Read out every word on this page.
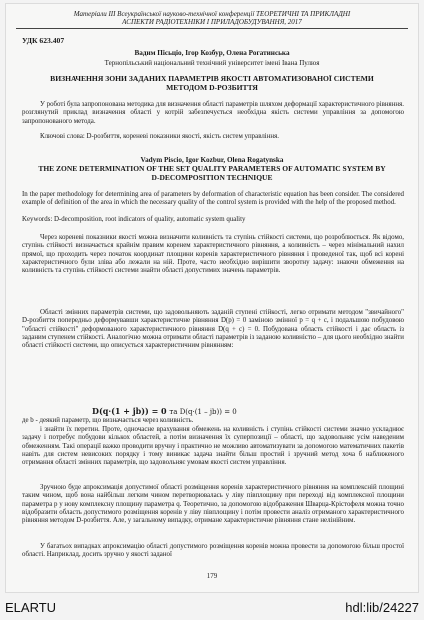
Матеріали ІІІ Всеукраїнської науково-технічної конференції ТЕОРЕТИЧНІ ТА ПРИКЛАДНІ
АСПЕКТИ РАДІОТЕХНІКИ І ПРИЛАДОБУДУВАННЯ, 2017
УДК 623.407
Вадим Пісьціо, Ігор Козбур, Олена Рогатинська
Тернопільський національний технічний університет імені Івана Пулюя
ВИЗНАЧЕННЯ ЗОНИ ЗАДАНИХ ПАРАМЕТРІВ ЯКОСТІ АВТОМАТИЗОВАНОЇ СИСТЕМИ МЕТОДОМ D-РОЗБИТТЯ
У роботі була запропонована методика для визначення області параметрів шляхом деформації характеристичного рівняння. розглянутий приклад визначення області у котрій забезпечується необхідна якість системи управління за допомогою запропонованого метода.
Ключові слова: D-розбиття, кореневі показники якості, якість систем управління.
Vadym Piscio, Igor Kozbur, Olena Rogatynska
THE ZONE DETERMINATION OF THE SET QUALITY PARAMETERS OF AUTOMATIC SYSTEM BY D-DECOMPOSITION TECHNIQUE
In the paper methodology for determining area of parameters by deformation of characteristic equation has been consider. The considered example of definition of the area in which the necessary quality of the control system is provided with the help of the proposed method.
Keywords: D-decomposition, root indicators of quality, automatic system quality
Через кореневі показники якості можна визначити коливність та ступінь стійкості системи, що розроблюється. Як відомо, ступінь стійкості визначається крайнім правим коренем характеристичного рівняння, а коливність – через мінімальний нахил прямої, що проходить через початок координат площини коренів характеристичного рівняння і проведеної так, щоб всі корені характеристичного були зліва або лежали на ній. Проте, часто необхідно вирішити зворотну задачу: знаючи обмеження на коливність та ступінь стійкості системи знайти області допустимих значень параметрів.
Області змінних параметрів системи, що задовольняють заданій ступені стійкості, легко отримати методом "звичайного" D-розбиття попередньо деформувавши характеристичне рівняння D(p) = 0 заміною змінної p = q + c, і подальшою побудовою "області стійкості" деформованого характеристичного рівняння D(q + c) = 0. Побудована область стійкості і дає область із заданим ступенем стійкості. Аналогічно можна отримати області параметрів із заданою коливністю – для цього необхідно знайти області стійкості системи, що описується характеристичним рівнянням:
D(q·(1 + jb)) = 0 та D(q·(1 – jb)) = 0
де b - деякий параметр, що визначається через коливність.
і знайти їх перетин. Проте, одночасне врахування обмежень на коливність і ступінь стійкості системи значно ускладнює задачу і потребує побудови кількох областей, а потім визначення їх суперпозиції – області, що задовольняє усім наведеним обмеженням. Такі операції важко проводити вручну і практично не можливо автоматизувати за допомогою математичних пакетів навіть для систем невисоких порядку і тому виникає задача знайти більш простий і зручний метод хоча б наближеного отримання області змінних параметрів, що задовольняє умовам якості систем управління.
Зручною буде апроксимація допустимої області розміщення коренів характеристичного рівняння на комплексній площині таким чином, щоб вона найбільш легким чином перетворювалась у ліву півплощину при переході від комплексної площини параметра p у нову комплексну площину параметра q. Теоретично, за допомогою відображення Шварца-Крістофеля можна точно відобразити область допустимого розміщення коренів у ліву півплощину і потім провести аналіз отриманого характеристичного рівняння методом D-розбиття. Але, у загальному випадку, отримане характеристичне рівняння стане нелінійним.
У багатьох випадках апроксимацію області допустимого розміщення коренів можна провести за допомогою більш простої області. Наприклад, досить зручно у якості заданої
179
ELARTU	hdl:lib/24227
